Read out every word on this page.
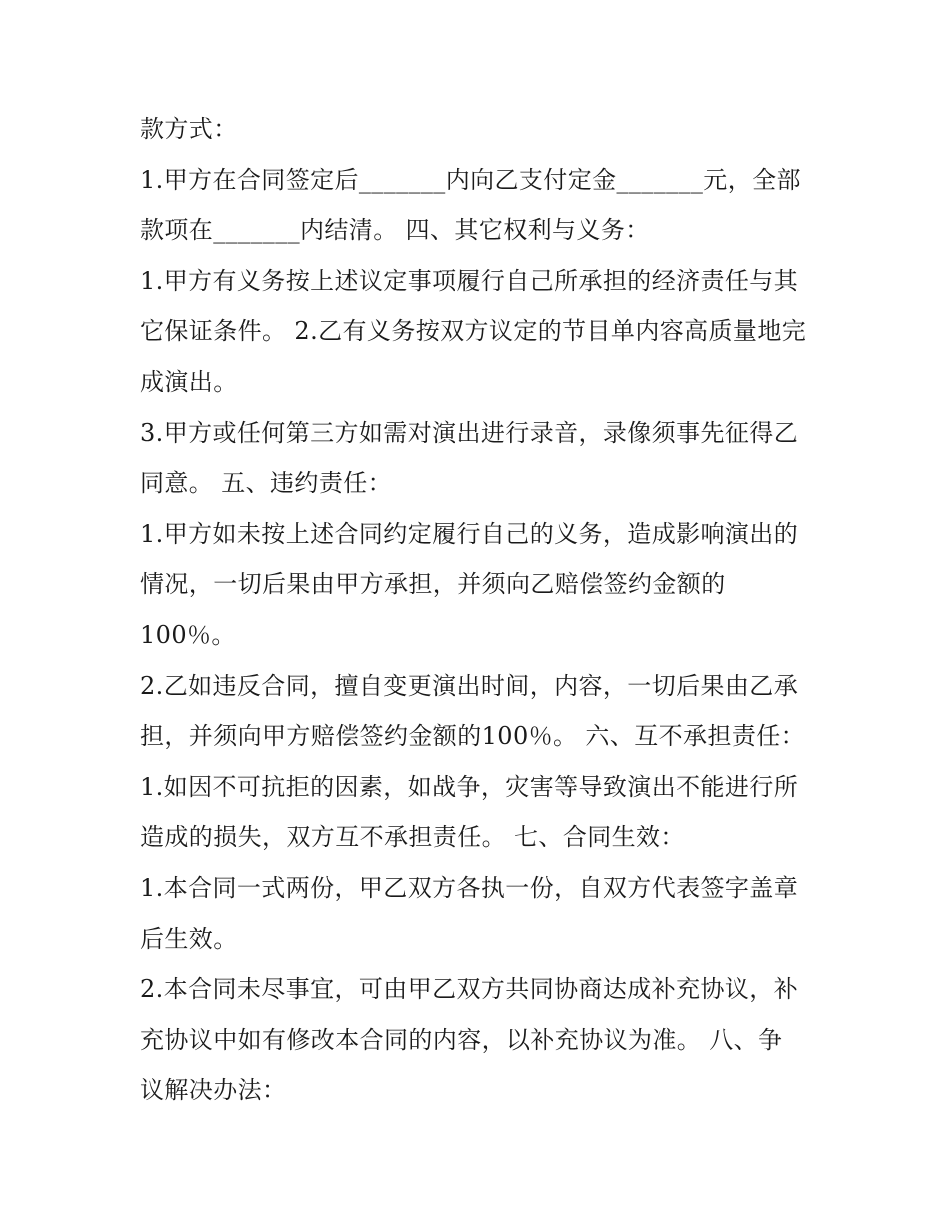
款方式：
1.甲方在合同签定后_______内向乙支付定金_______元，全部
款项在_______内结清。 四、其它权利与义务：
1.甲方有义务按上述议定事项履行自己所承担的经济责任与其
它保证条件。 2.乙有义务按双方议定的节目单内容高质量地完
成演出。
3.甲方或任何第三方如需对演出进行录音，录像须事先征得乙
同意。 五、违约责任：
1.甲方如未按上述合同约定履行自己的义务，造成影响演出的
情况，一切后果由甲方承担，并须向乙赔偿签约金额的
100％。
2.乙如违反合同，擅自变更演出时间，内容，一切后果由乙承
担，并须向甲方赔偿签约金额的100％。 六、互不承担责任：
1.如因不可抗拒的因素，如战争，灾害等导致演出不能进行所
造成的损失，双方互不承担责任。 七、合同生效：
1.本合同一式两份，甲乙双方各执一份，自双方代表签字盖章
后生效。
2.本合同未尽事宜，可由甲乙双方共同协商达成补充协议，补
充协议中如有修改本合同的内容，以补充协议为准。 八、争
议解决办法：
